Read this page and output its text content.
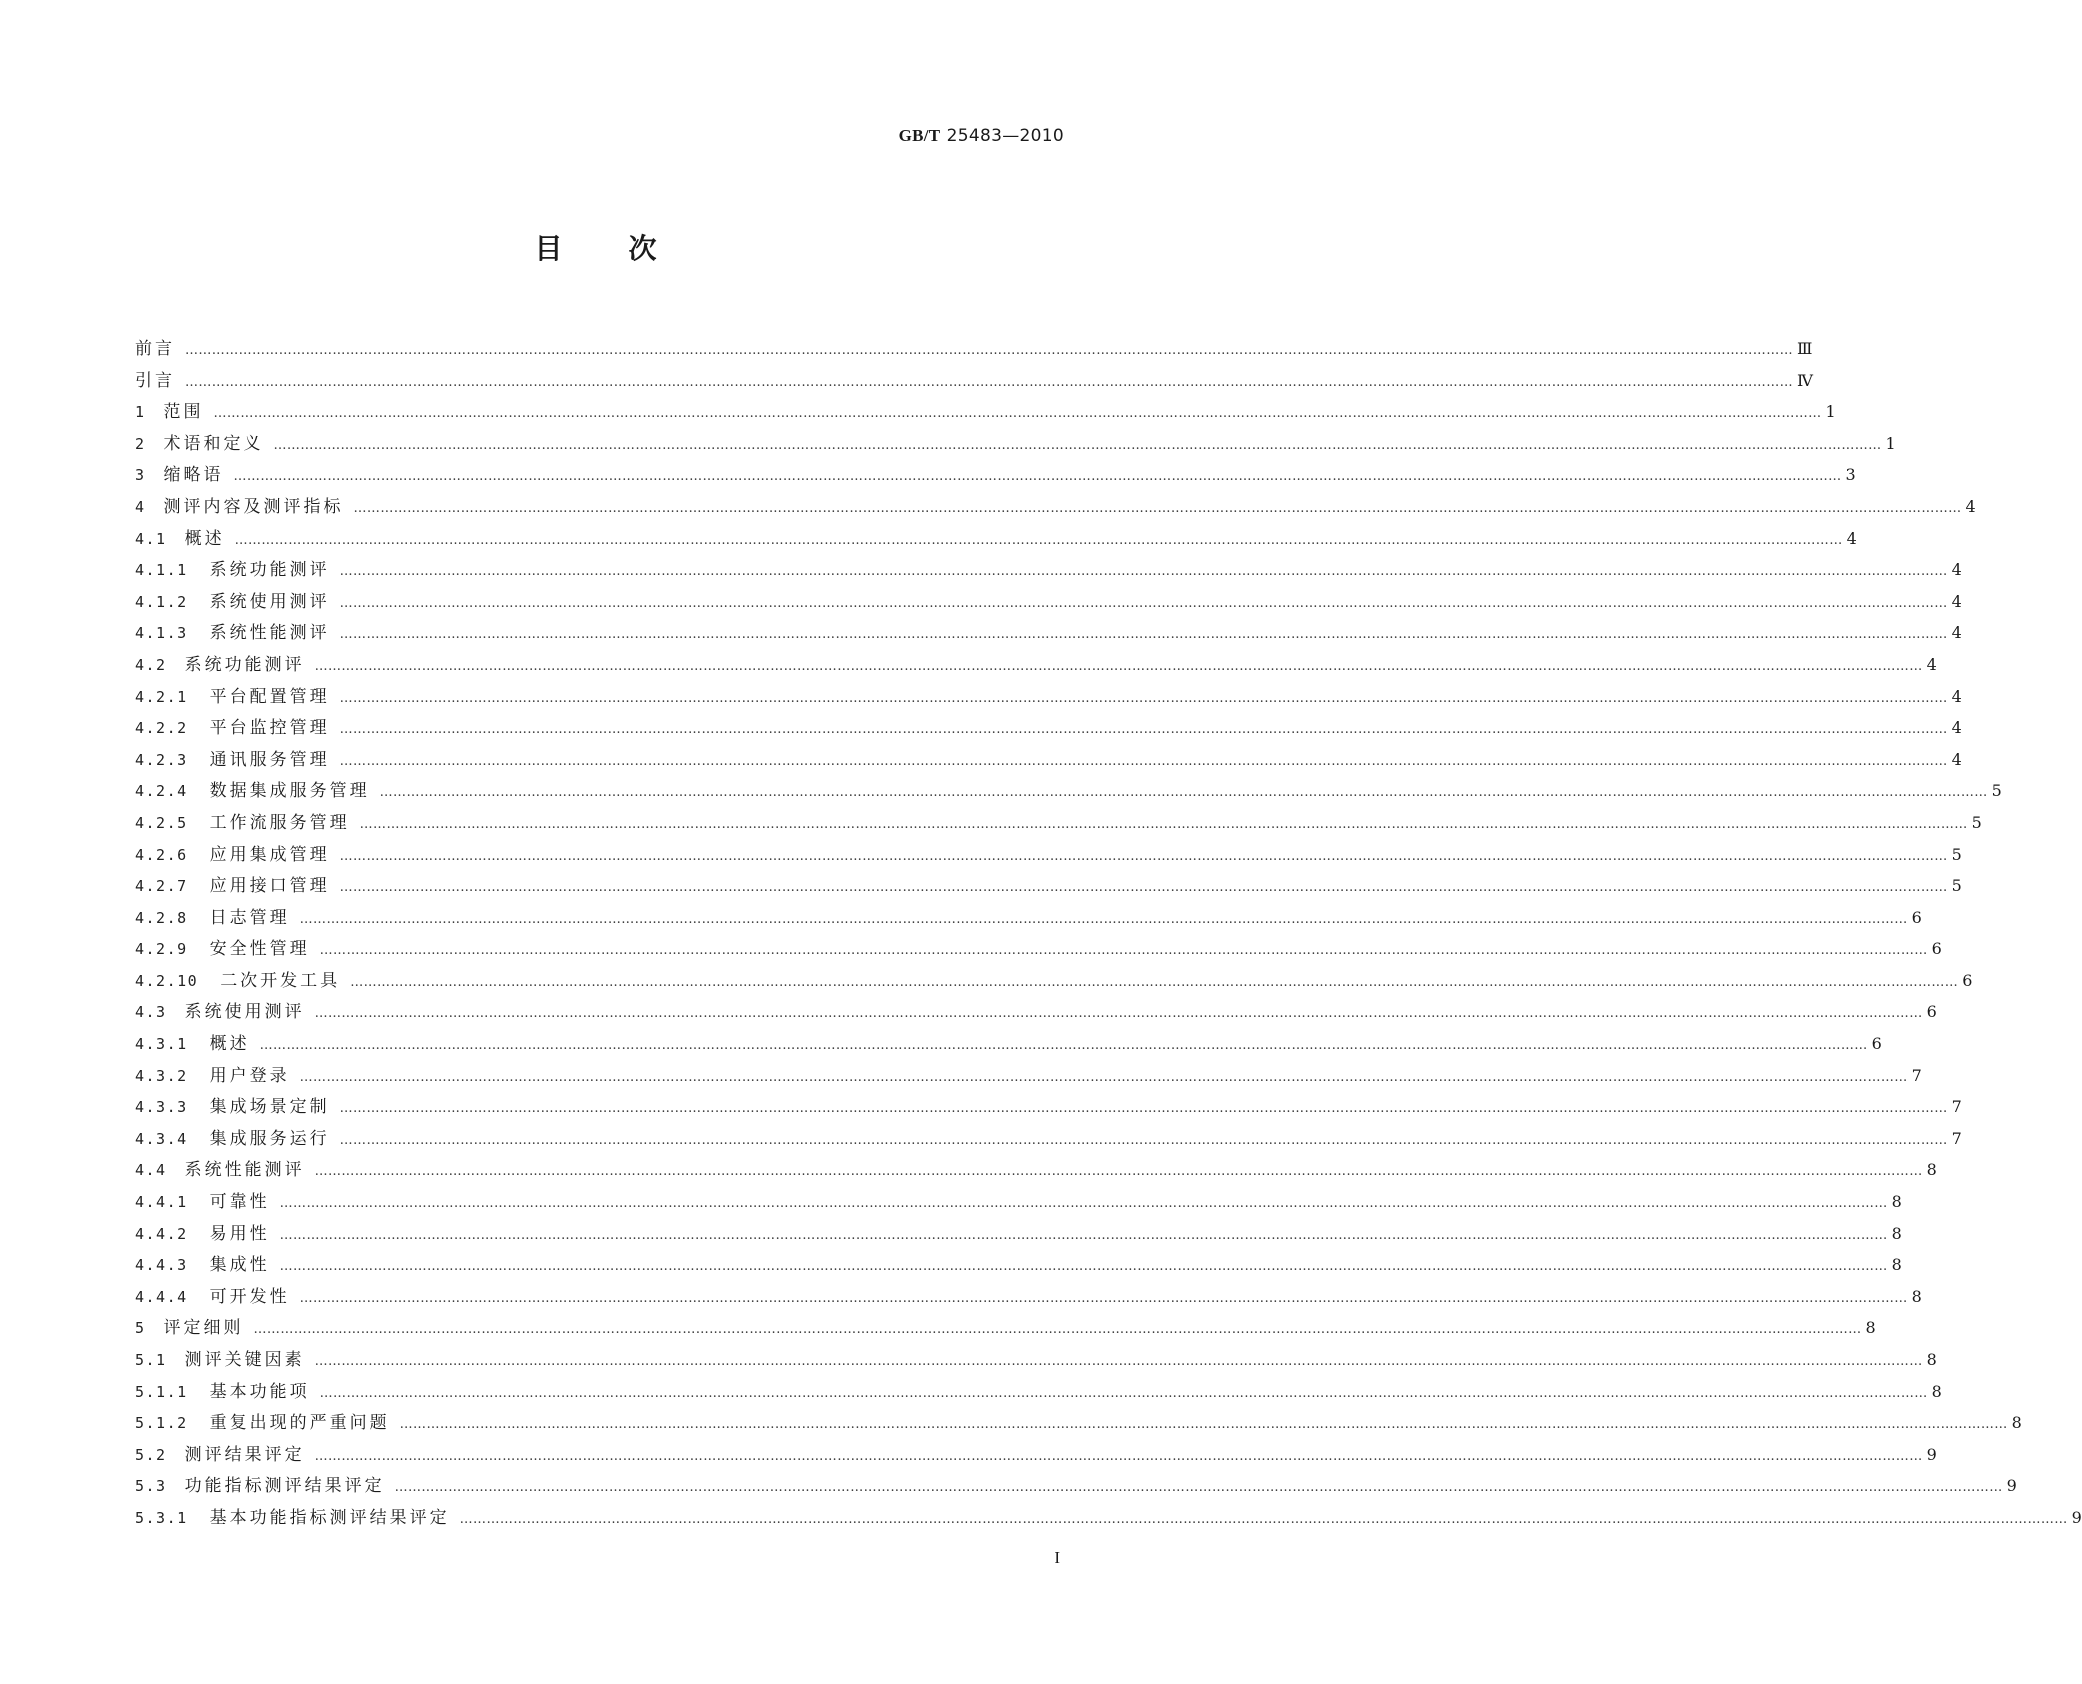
GB/T 25483—2010
目 次
前言 ……………………………………………………………………………………………………………………………………………………………………………………………………………………………………………………………………………………………………………………………… Ⅲ
引言 ……………………………………………………………………………………………………………………………………………………………………………………………………………………………………………………………………………………………………………………………… Ⅳ
1 范围 ……………………………………………………………………………………………………………………………………………………………………………………………………………………………………………………………………………………………………………………………… 1
2 术语和定义 ……………………………………………………………………………………………………………………………………………………………………………………………………………………………………………………………………………………………………………………………… 1
3 缩略语 ……………………………………………………………………………………………………………………………………………………………………………………………………………………………………………………………………………………………………………………………… 3
4 测评内容及测评指标 ……………………………………………………………………………………………………………………………………………………………………………………………………………………………………………………………………………………………………………………………… 4
4.1 概述 ……………………………………………………………………………………………………………………………………………………………………………………………………………………………………………………………………………………………………………………………… 4
4.1.1 系统功能测评 ……………………………………………………………………………………………………………………………………………………………………………………………………………………………………………………………………………………………………………………………… 4
4.1.2 系统使用测评 ……………………………………………………………………………………………………………………………………………………………………………………………………………………………………………………………………………………………………………………………… 4
4.1.3 系统性能测评 ……………………………………………………………………………………………………………………………………………………………………………………………………………………………………………………………………………………………………………………………… 4
4.2 系统功能测评 ……………………………………………………………………………………………………………………………………………………………………………………………………………………………………………………………………………………………………………………………… 4
4.2.1 平台配置管理 ……………………………………………………………………………………………………………………………………………………………………………………………………………………………………………………………………………………………………………………………… 4
4.2.2 平台监控管理 ……………………………………………………………………………………………………………………………………………………………………………………………………………………………………………………………………………………………………………………………… 4
4.2.3 通讯服务管理 ……………………………………………………………………………………………………………………………………………………………………………………………………………………………………………………………………………………………………………………………… 4
4.2.4 数据集成服务管理 ……………………………………………………………………………………………………………………………………………………………………………………………………………………………………………………………………………………………………………………………… 5
4.2.5 工作流服务管理 ……………………………………………………………………………………………………………………………………………………………………………………………………………………………………………………………………………………………………………………………… 5
4.2.6 应用集成管理 ……………………………………………………………………………………………………………………………………………………………………………………………………………………………………………………………………………………………………………………………… 5
4.2.7 应用接口管理 ……………………………………………………………………………………………………………………………………………………………………………………………………………………………………………………………………………………………………………………………… 5
4.2.8 日志管理 ……………………………………………………………………………………………………………………………………………………………………………………………………………………………………………………………………………………………………………………………… 6
4.2.9 安全性管理 ……………………………………………………………………………………………………………………………………………………………………………………………………………………………………………………………………………………………………………………………… 6
4.2.10 二次开发工具 ……………………………………………………………………………………………………………………………………………………………………………………………………………………………………………………………………………………………………………………………… 6
4.3 系统使用测评 ……………………………………………………………………………………………………………………………………………………………………………………………………………………………………………………………………………………………………………………………… 6
4.3.1 概述 ……………………………………………………………………………………………………………………………………………………………………………………………………………………………………………………………………………………………………………………………… 6
4.3.2 用户登录 ……………………………………………………………………………………………………………………………………………………………………………………………………………………………………………………………………………………………………………………………… 7
4.3.3 集成场景定制 ……………………………………………………………………………………………………………………………………………………………………………………………………………………………………………………………………………………………………………………………… 7
4.3.4 集成服务运行 ……………………………………………………………………………………………………………………………………………………………………………………………………………………………………………………………………………………………………………………………… 7
4.4 系统性能测评 ……………………………………………………………………………………………………………………………………………………………………………………………………………………………………………………………………………………………………………………………… 8
4.4.1 可靠性 ……………………………………………………………………………………………………………………………………………………………………………………………………………………………………………………………………………………………………………………………… 8
4.4.2 易用性 ……………………………………………………………………………………………………………………………………………………………………………………………………………………………………………………………………………………………………………………………… 8
4.4.3 集成性 ……………………………………………………………………………………………………………………………………………………………………………………………………………………………………………………………………………………………………………………………… 8
4.4.4 可开发性 ……………………………………………………………………………………………………………………………………………………………………………………………………………………………………………………………………………………………………………………………… 8
5 评定细则 ……………………………………………………………………………………………………………………………………………………………………………………………………………………………………………………………………………………………………………………………… 8
5.1 测评关键因素 ……………………………………………………………………………………………………………………………………………………………………………………………………………………………………………………………………………………………………………………………… 8
5.1.1 基本功能项 ……………………………………………………………………………………………………………………………………………………………………………………………………………………………………………………………………………………………………………………………… 8
5.1.2 重复出现的严重问题 ……………………………………………………………………………………………………………………………………………………………………………………………………………………………………………………………………………………………………………………………… 8
5.2 测评结果评定 ……………………………………………………………………………………………………………………………………………………………………………………………………………………………………………………………………………………………………………………………… 9
5.3 功能指标测评结果评定 ……………………………………………………………………………………………………………………………………………………………………………………………………………………………………………………………………………………………………………………………… 9
5.3.1 基本功能指标测评结果评定 ……………………………………………………………………………………………………………………………………………………………………………………………………………………………………………………………………………………………………………………………… 9
I
